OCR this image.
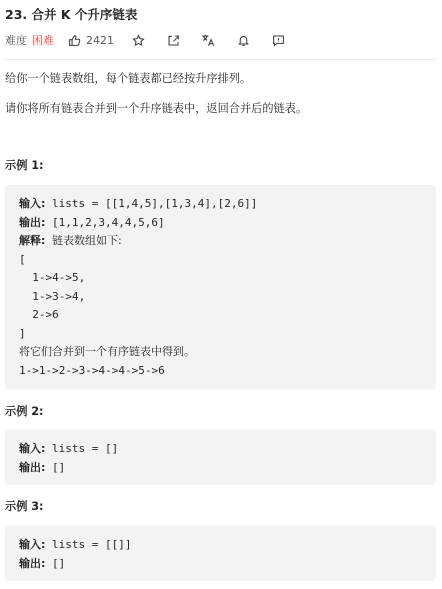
23. 合并 K 个升序链表
难度 困难	2421
给你一个链表数组，每个链表都已经按升序排列。
请你将所有链表合并到一个升序链表中，返回合并后的链表。
示例 1:
输入: lists = [[1,4,5],[1,3,4],[2,6]]
输出: [1,1,2,3,4,4,5,6]
解释: 链表数组如下:
[
1->4->5,
1->3->4,
2->6
]
将它们合并到一个有序链表中得到。
1->1->2->3->4->4->5->6
示例 2:
输入: lists = []
输出: []
示例 3:
输入: lists = [[]]
输出: []
